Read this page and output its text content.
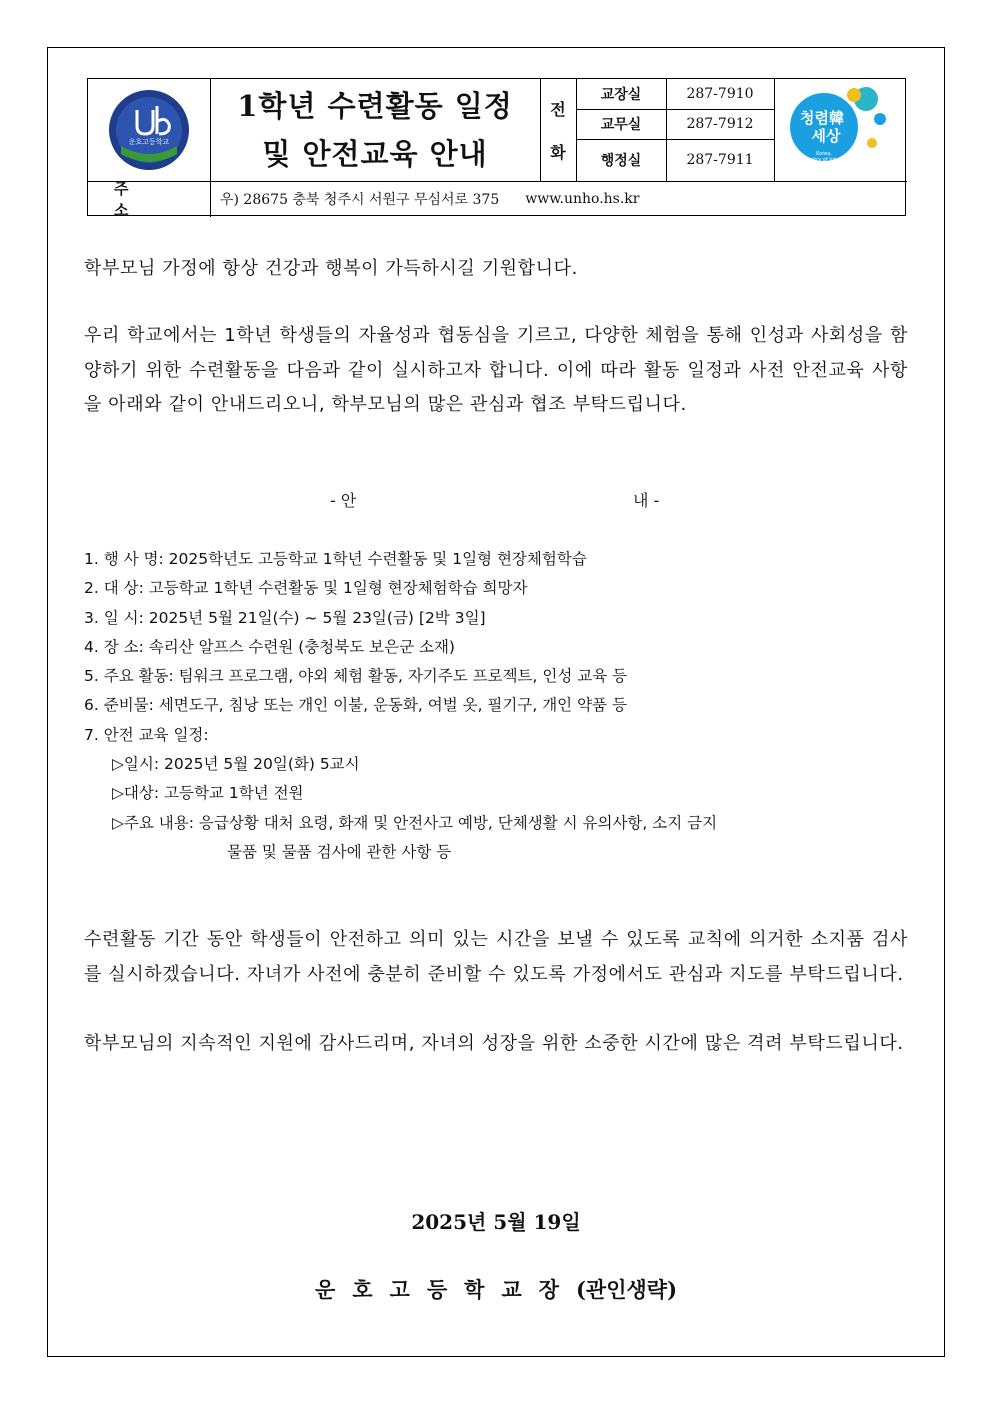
운호고등학교
1학년 수련활동 일정
및 안전교육 안내
전
화
교장실	287-7910
교무실	287-7912
행정실	287-7911
청렴韓
세상
Korea,
a country of Integrity
주 소
우) 28675 충북 청주시 서원구 무심서로 375 www.unho.hs.kr
학부모님 가정에 항상 건강과 행복이 가득하시길 기원합니다.
우리 학교에서는 1학년 학생들의 자율성과 협동심을 기르고, 다양한 체험을 통해 인성과 사회성을 함양하기 위한 수련활동을 다음과 같이 실시하고자 합니다. 이에 따라 활동 일정과 사전 안전교육 사항을 아래와 같이 안내드리오니, 학부모님의 많은 관심과 협조 부탁드립니다.
- 안	내 -
1. 행 사 명: 2025학년도 고등학교 1학년 수련활동 및 1일형 현장체험학습
2. 대 상: 고등학교 1학년 수련활동 및 1일형 현장체험학습 희망자
3. 일 시: 2025년 5월 21일(수) ~ 5월 23일(금) [2박 3일]
4. 장 소: 속리산 알프스 수련원 (충청북도 보은군 소재)
5. 주요 활동: 팀워크 프로그램, 야외 체험 활동, 자기주도 프로젝트, 인성 교육 등
6. 준비물: 세면도구, 침낭 또는 개인 이불, 운동화, 여벌 옷, 필기구, 개인 약품 등
7. 안전 교육 일정:
▷일시: 2025년 5월 20일(화) 5교시
▷대상: 고등학교 1학년 전원
▷주요 내용: 응급상황 대처 요령, 화재 및 안전사고 예방, 단체생활 시 유의사항, 소지 금지
물품 및 물품 검사에 관한 사항 등
수련활동 기간 동안 학생들이 안전하고 의미 있는 시간을 보낼 수 있도록 교칙에 의거한 소지품 검사를 실시하겠습니다. 자녀가 사전에 충분히 준비할 수 있도록 가정에서도 관심과 지도를 부탁드립니다.
학부모님의 지속적인 지원에 감사드리며, 자녀의 성장을 위한 소중한 시간에 많은 격려 부탁드립니다.
2025년 5월 19일
운호고등학교장(관인생략)
